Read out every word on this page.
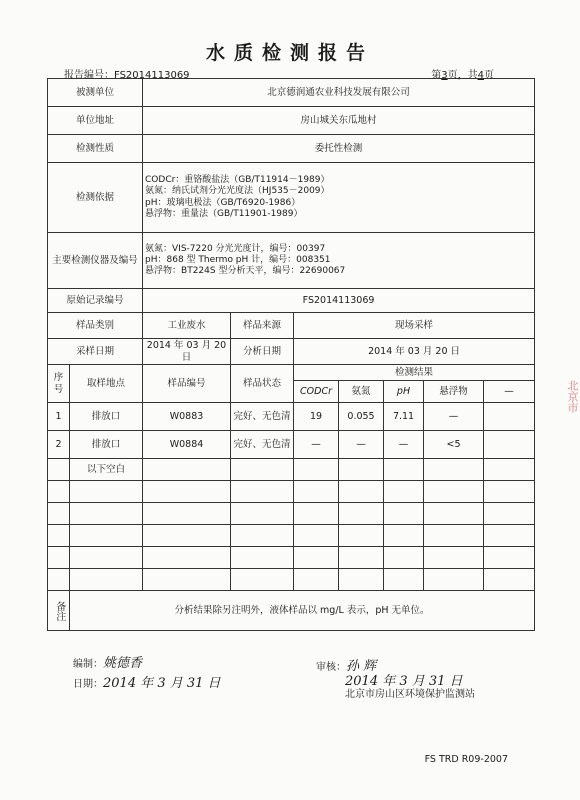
水质检测报告
报告编号：FS2014113069	第3页，共4页
被测单位		北京德润通农业科技发展有限公司						
单位地址		房山城关东瓜地村						
检测性质		委托性检测						
检测依据		CODCr：重铬酸盐法（GB/T11914－1989）
氨氮：纳氏试剂分光光度法（HJ535－2009）
pH：玻璃电极法（GB/T6920-1986）
悬浮物：重量法（GB/T11901-1989）						

主要检测仪器及编号		氨氮：VIS-7220 分光光度计，编号：00397
pH：868 型 Thermo pH 计，编号：008351
悬浮物：BT224S 型分析天平，编号：22690067						

原始记录编号		FS2014113069						
样品类别		工业废水	样品来源	现场采样				
采样日期		2014 年 03 月 20 日	分析日期	2014 年 03 月 20 日				
序号	取样地点	样品编号	样品状态	检测结果				
				CODCr	氨氮	pH	悬浮物	—
1	排放口	W0883	完好、无色清	19	0.055	7.11	—	
2	排放口	W0884	完好、无色清	—	—	—	<5	
	以下空白							

备注	分析结果除另注明外，液体样品以 mg/L 表示，pH 无单位。							
编制：姚德香
日期：2014 年 3 月 31 日
审核：孙 辉
2014 年 3 月 31 日
北京市房山区环境保护监测站
北京市
FS TRD R09-2007
